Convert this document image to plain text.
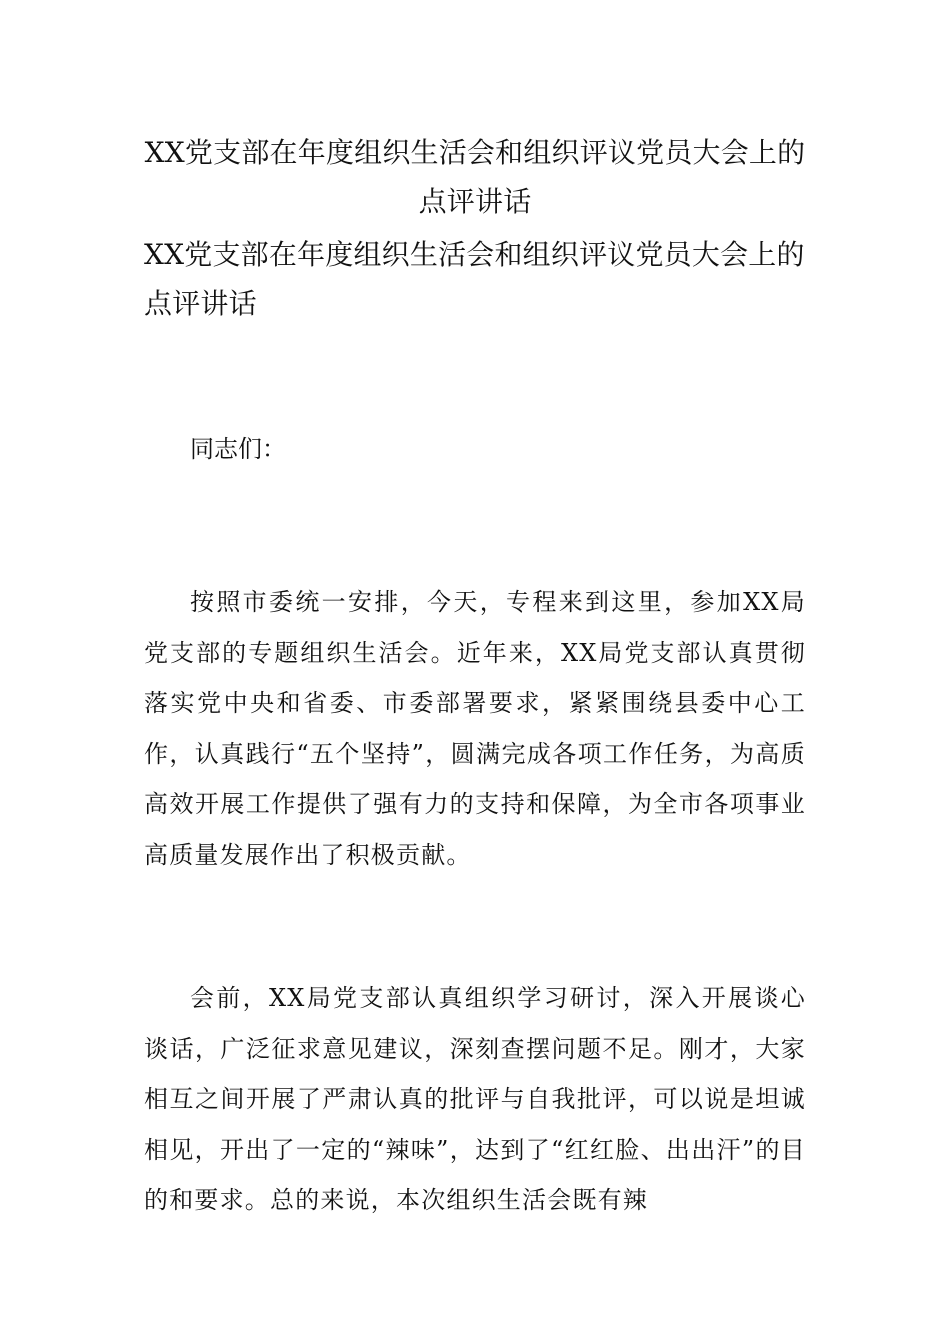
XX党支部在年度组织生活会和组织评议党员大会上的点评讲话

XX党支部在年度组织生活会和组织评议党员大会上的点评讲话

同志们：

按照市委统一安排，今天，专程来到这里，参加XX局党支部的专题组织生活会。近年来，XX局党支部认真贯彻落实党中央和省委、市委部署要求，紧紧围绕县委中心工作，认真践行“五个坚持”，圆满完成各项工作任务，为高质高效开展工作提供了强有力的支持和保障，为全市各项事业高质量发展作出了积极贡献。

会前，XX局党支部认真组织学习研讨，深入开展谈心谈话，广泛征求意见建议，深刻查摆问题不足。刚才，大家相互之间开展了严肃认真的批评与自我批评，可以说是坦诚相见，开出了一定的“辣味”，达到了“红红脸、出出汗”的目的和要求。总的来说，本次组织生活会既有辣
